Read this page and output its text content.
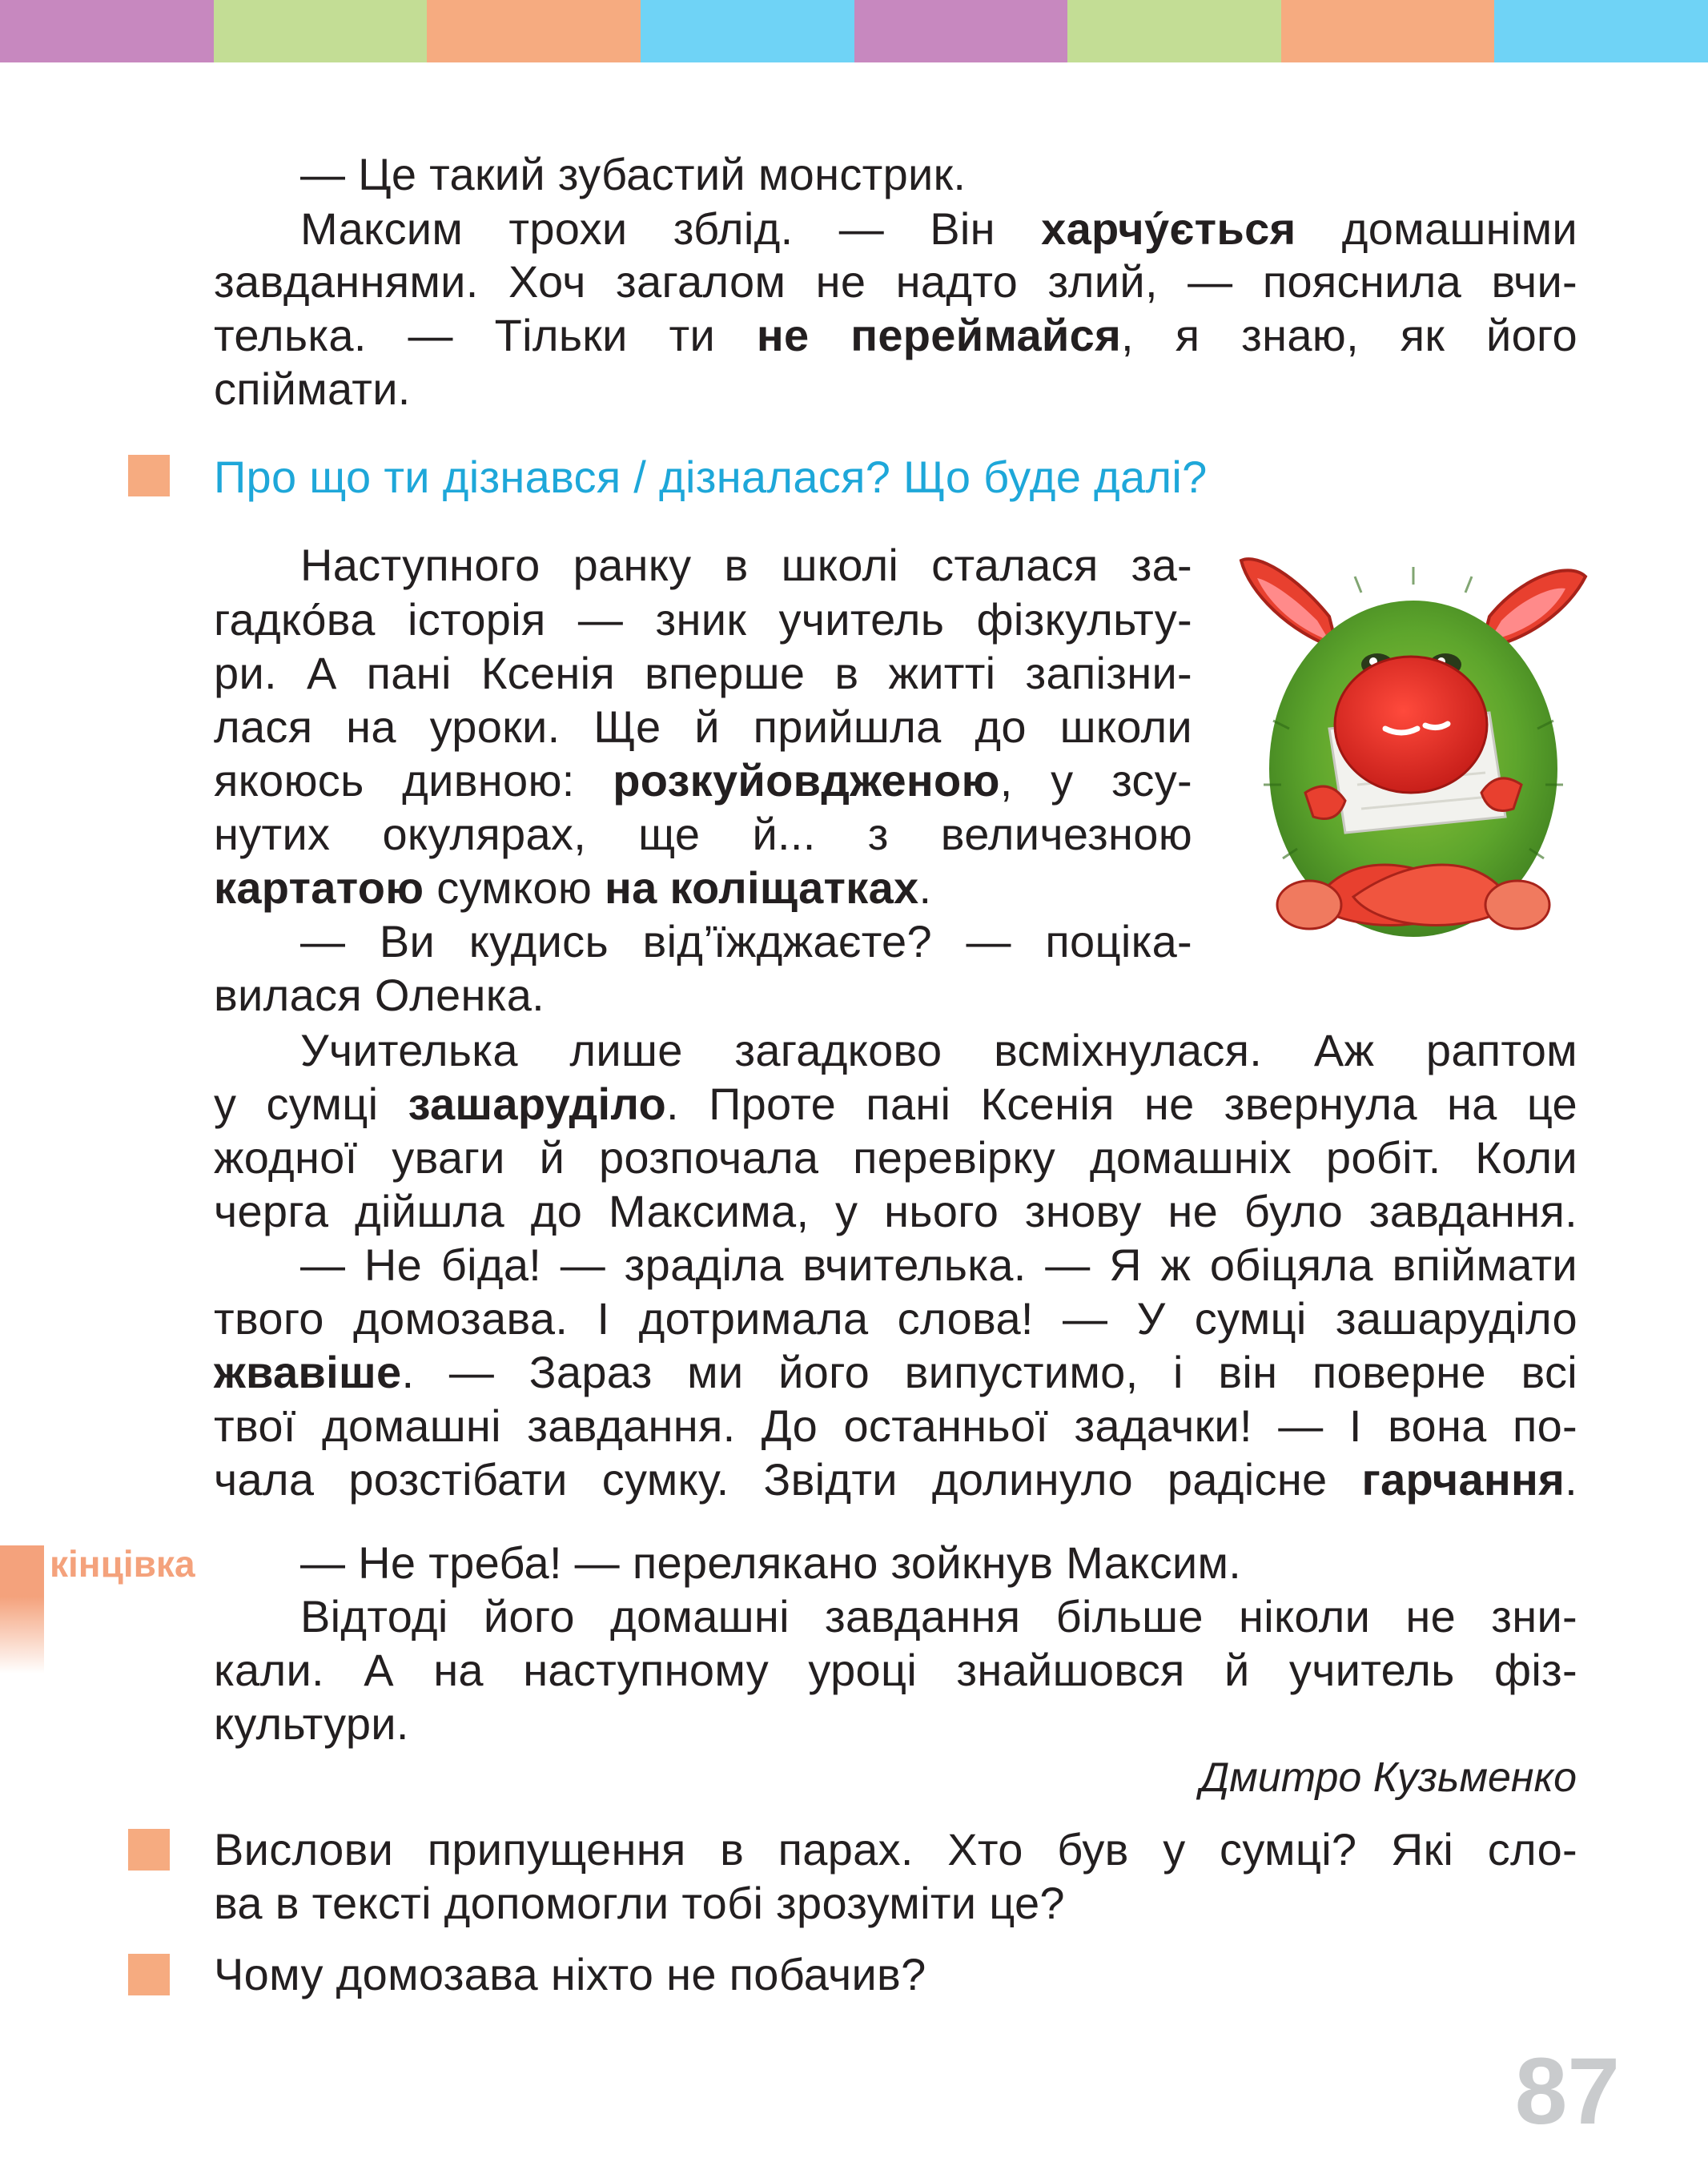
— Це такий зубастий монстрик.

Максим трохи зблід. — Він харчу́ється домашніми

завданнями. Хоч загалом не надто злий, — пояснила вчи-

телька. — Тільки ти не переймайся, я знаю, як його

спіймати.

Про що ти дізнався / дізналася? Що буде далі?

Наступного ранку в школі сталася за-

гадко́ва історія — зник учитель фізкульту-

ри. А пані Ксенія вперше в житті запізни-

лася на уроки. Ще й прийшла до школи

якоюсь дивною: розкуйовдженою, у зсу-

нутих окулярах, ще й... з величезною

картатою сумкою на коліщатках.

— Ви кудись від’їжджаєте? — поціка-

вилася Оленка.

Учителька лише загадково всміхнулася. Аж раптом

у сумці зашаруділо. Проте пані Ксенія не звернула на це

жодної уваги й розпочала перевірку домашніх робіт. Коли

черга дійшла до Максима, у нього знову не було завдання.

— Не біда! — зраділа вчителька. — Я ж обіцяла впіймати

твого домозава. І дотримала слова! — У сумці зашаруділо

жвавіше. — Зараз ми його випустимо, і він поверне всі

твої домашні завдання. До останньої задачки! — І вона по-

чала розстібати сумку. Звідти долинуло радісне гарчання.

кінцівка — Не треба! — перелякано зойкнув Максим.

Відтоді його домашні завдання більше ніколи не зни-

кали. А на наступному уроці знайшовся й учитель фіз-

культури.

Дмитро Кузьменко

Вислови припущення в парах. Хто був у сумці? Які сло-

ва в тексті допомогли тобі зрозуміти це?

Чому домозава ніхто не побачив?

87
